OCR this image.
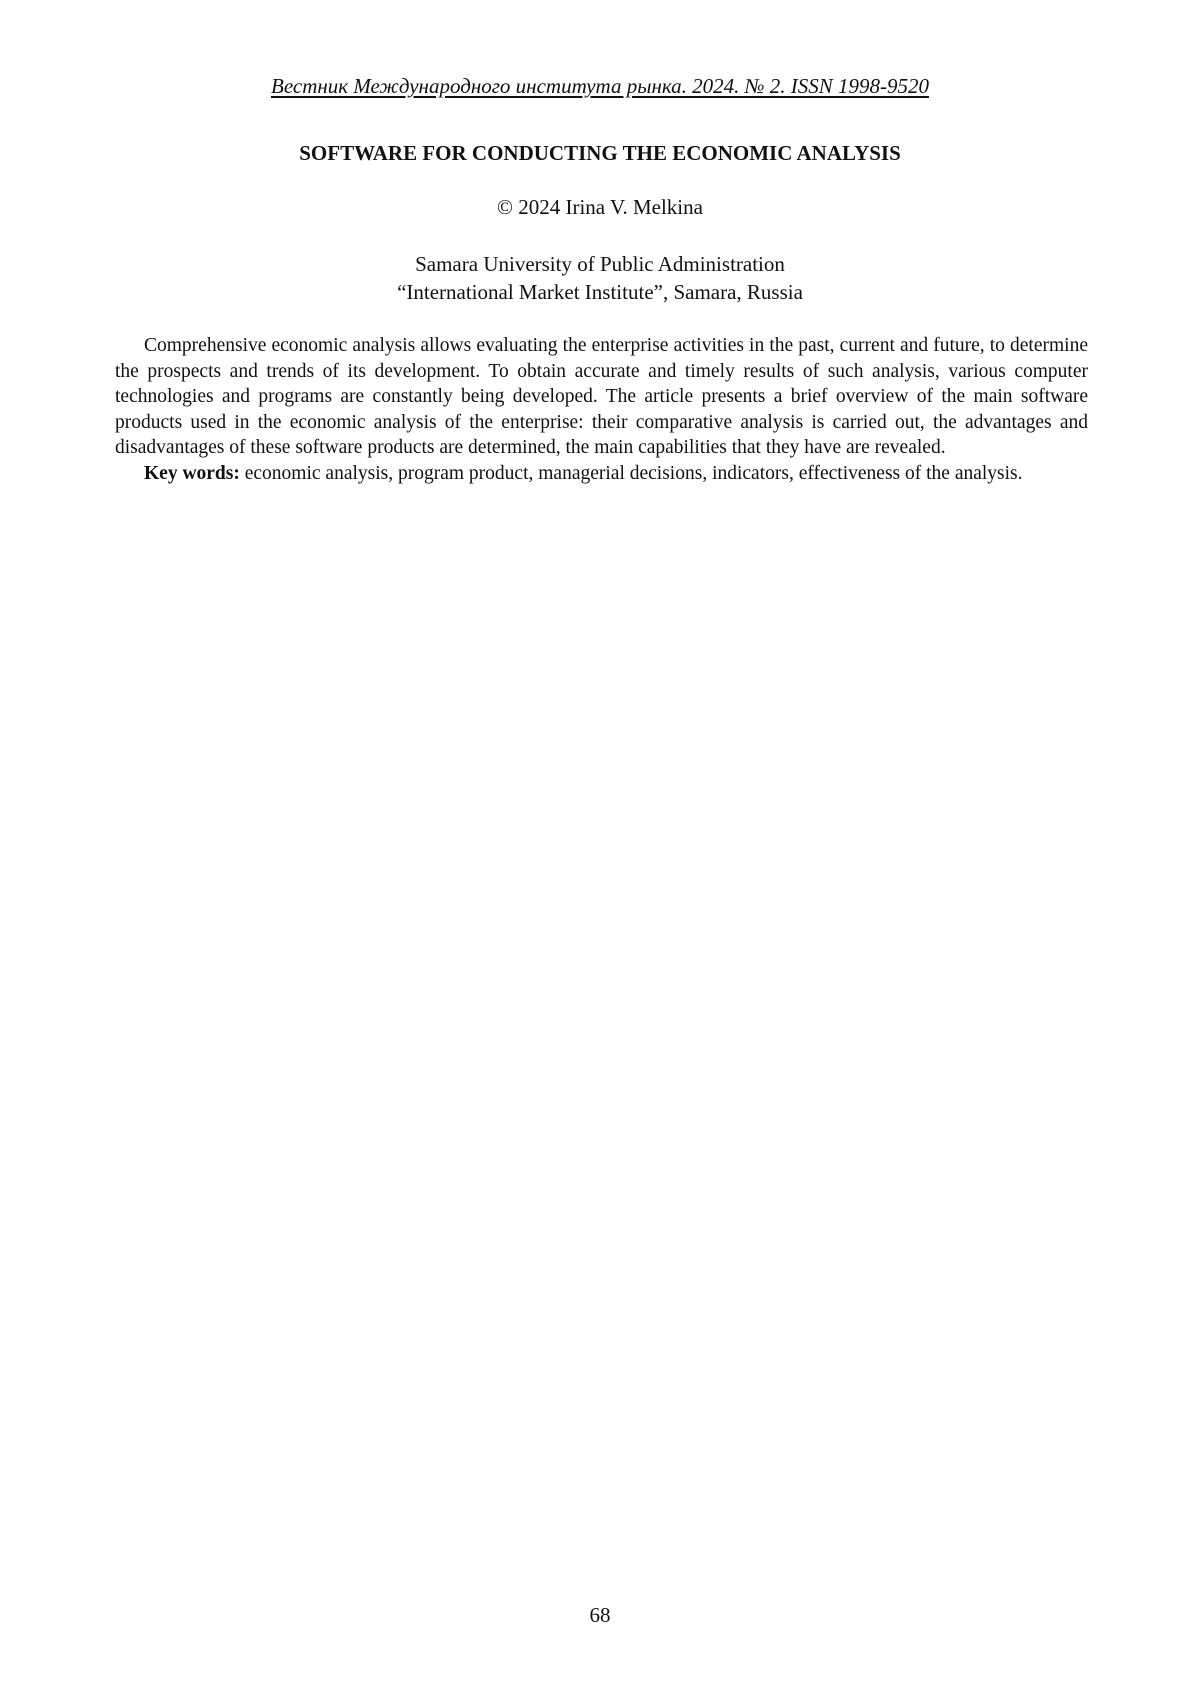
Вестник Международного института рынка. 2024. № 2. ISSN 1998-9520
SOFTWARE FOR CONDUCTING THE ECONOMIC ANALYSIS
© 2024 Irina V. Melkina
Samara University of Public Administration
“International Market Institute”, Samara, Russia

Comprehensive economic analysis allows evaluating the enterprise activities in the past, current and future, to determine the prospects and trends of its development. To obtain accurate and timely results of such analysis, various computer technologies and programs are constantly being developed. The article presents a brief overview of the main software products used in the economic analysis of the enterprise: their comparative analysis is carried out, the advantages and disadvantages of these software products are determined, the main capabilities that they have are revealed.

Key words: economic analysis, program product, managerial decisions, indicators, effectiveness of the analysis.

68
